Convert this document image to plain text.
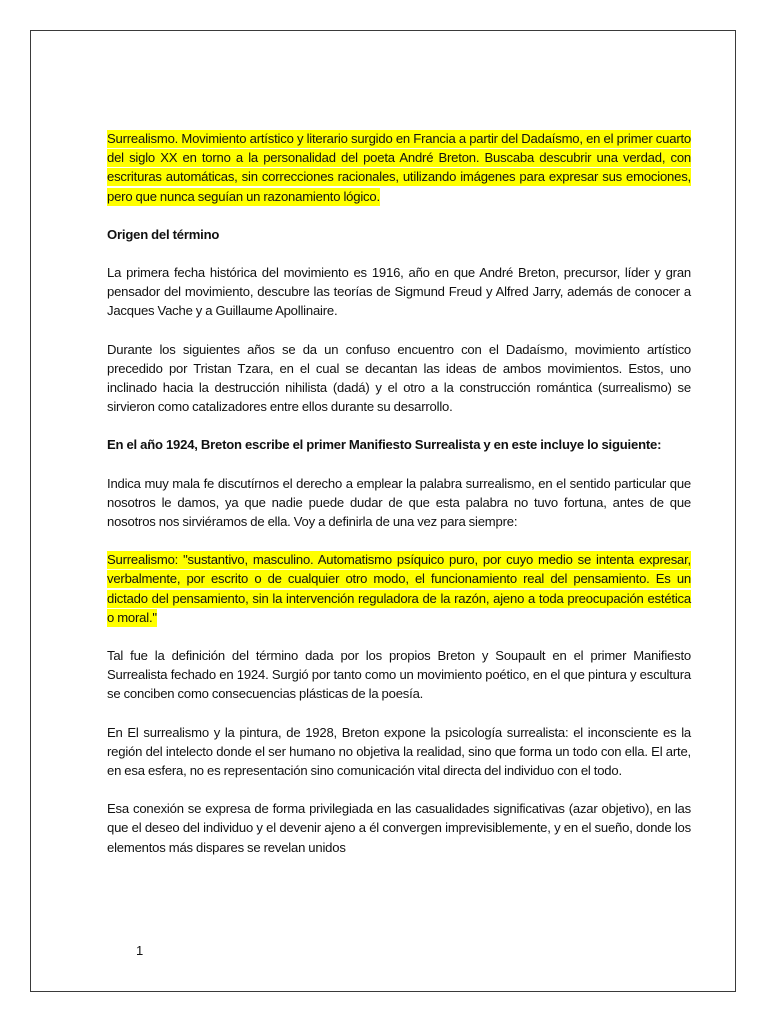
Surrealismo. Movimiento artístico y literario surgido en Francia a partir del Dadaísmo, en el primer cuarto del siglo XX en torno a la personalidad del poeta André Breton. Buscaba descubrir una verdad, con escrituras automáticas, sin correcciones racionales, utilizando imágenes para expresar sus emociones, pero que nunca seguían un razonamiento lógico.

Origen del término

La primera fecha histórica del movimiento es 1916, año en que André Breton, precursor, líder y gran pensador del movimiento, descubre las teorías de Sigmund Freud y Alfred Jarry, además de conocer a Jacques Vache y a Guillaume Apollinaire.

Durante los siguientes años se da un confuso encuentro con el Dadaísmo, movimiento artístico precedido por Tristan Tzara, en el cual se decantan las ideas de ambos movimientos. Estos, uno inclinado hacia la destrucción nihilista (dadá) y el otro a la construcción romántica (surrealismo) se sirvieron como catalizadores entre ellos durante su desarrollo.

En el año 1924, Breton escribe el primer Manifiesto Surrealista y en este incluye lo siguiente:

Indica muy mala fe discutírnos el derecho a emplear la palabra surrealismo, en el sentido particular que nosotros le damos, ya que nadie puede dudar de que esta palabra no tuvo fortuna, antes de que nosotros nos sirviéramos de ella. Voy a definirla de una vez para siempre:

Surrealismo: "sustantivo, masculino. Automatismo psíquico puro, por cuyo medio se intenta expresar, verbalmente, por escrito o de cualquier otro modo, el funcionamiento real del pensamiento. Es un dictado del pensamiento, sin la intervención reguladora de la razón, ajeno a toda preocupación estética o moral."

Tal fue la definición del término dada por los propios Breton y Soupault en el primer Manifiesto Surrealista fechado en 1924. Surgió por tanto como un movimiento poético, en el que pintura y escultura se conciben como consecuencias plásticas de la poesía.

En El surrealismo y la pintura, de 1928, Breton expone la psicología surrealista: el inconsciente es la región del intelecto donde el ser humano no objetiva la realidad, sino que forma un todo con ella. El arte, en esa esfera, no es representación sino comunicación vital directa del individuo con el todo.

Esa conexión se expresa de forma privilegiada en las casualidades significativas (azar objetivo), en las que el deseo del individuo y el devenir ajeno a él convergen imprevisiblemente, y en el sueño, donde los elementos más dispares se revelan unidos

1
